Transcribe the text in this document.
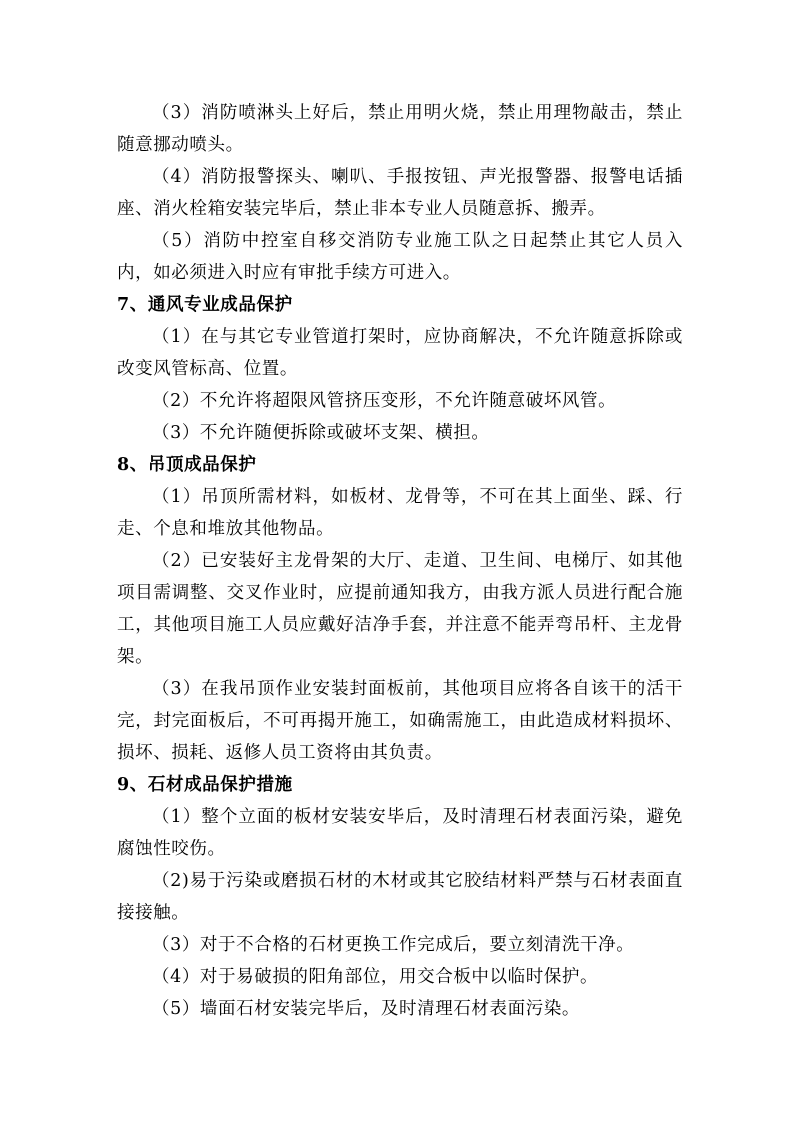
（3）消防喷淋头上好后，禁止用明火烧，禁止用理物敲击，禁止随意挪动喷头。

（4）消防报警探头、喇叭、手报按钮、声光报警器、报警电话插座、消火栓箱安装完毕后，禁止非本专业人员随意拆、搬弄。

（5）消防中控室自移交消防专业施工队之日起禁止其它人员入内，如必须进入时应有审批手续方可进入。

7、通风专业成品保护

（1）在与其它专业管道打架时，应协商解决，不允许随意拆除或改变风管标高、位置。

（2）不允许将超限风管挤压变形，不允许随意破坏风管。

（3）不允许随便拆除或破坏支架、横担。

8、吊顶成品保护

（1）吊顶所需材料，如板材、龙骨等，不可在其上面坐、踩、行走、个息和堆放其他物品。

（2）已安装好主龙骨架的大厅、走道、卫生间、电梯厅、如其他项目需调整、交叉作业时，应提前通知我方，由我方派人员进行配合施工，其他项目施工人员应戴好洁净手套，并注意不能弄弯吊杆、主龙骨架。

（3）在我吊顶作业安装封面板前，其他项目应将各自该干的活干完，封完面板后，不可再揭开施工，如确需施工，由此造成材料损坏、损坏、损耗、返修人员工资将由其负责。

9、石材成品保护措施

（1）整个立面的板材安装安毕后，及时清理石材表面污染，避免腐蚀性咬伤。

（2)易于污染或磨损石材的木材或其它胶结材料严禁与石材表面直接接触。

（3）对于不合格的石材更换工作完成后，要立刻清洗干净。

（4）对于易破损的阳角部位，用交合板中以临时保护。

（5）墙面石材安装完毕后，及时清理石材表面污染。
